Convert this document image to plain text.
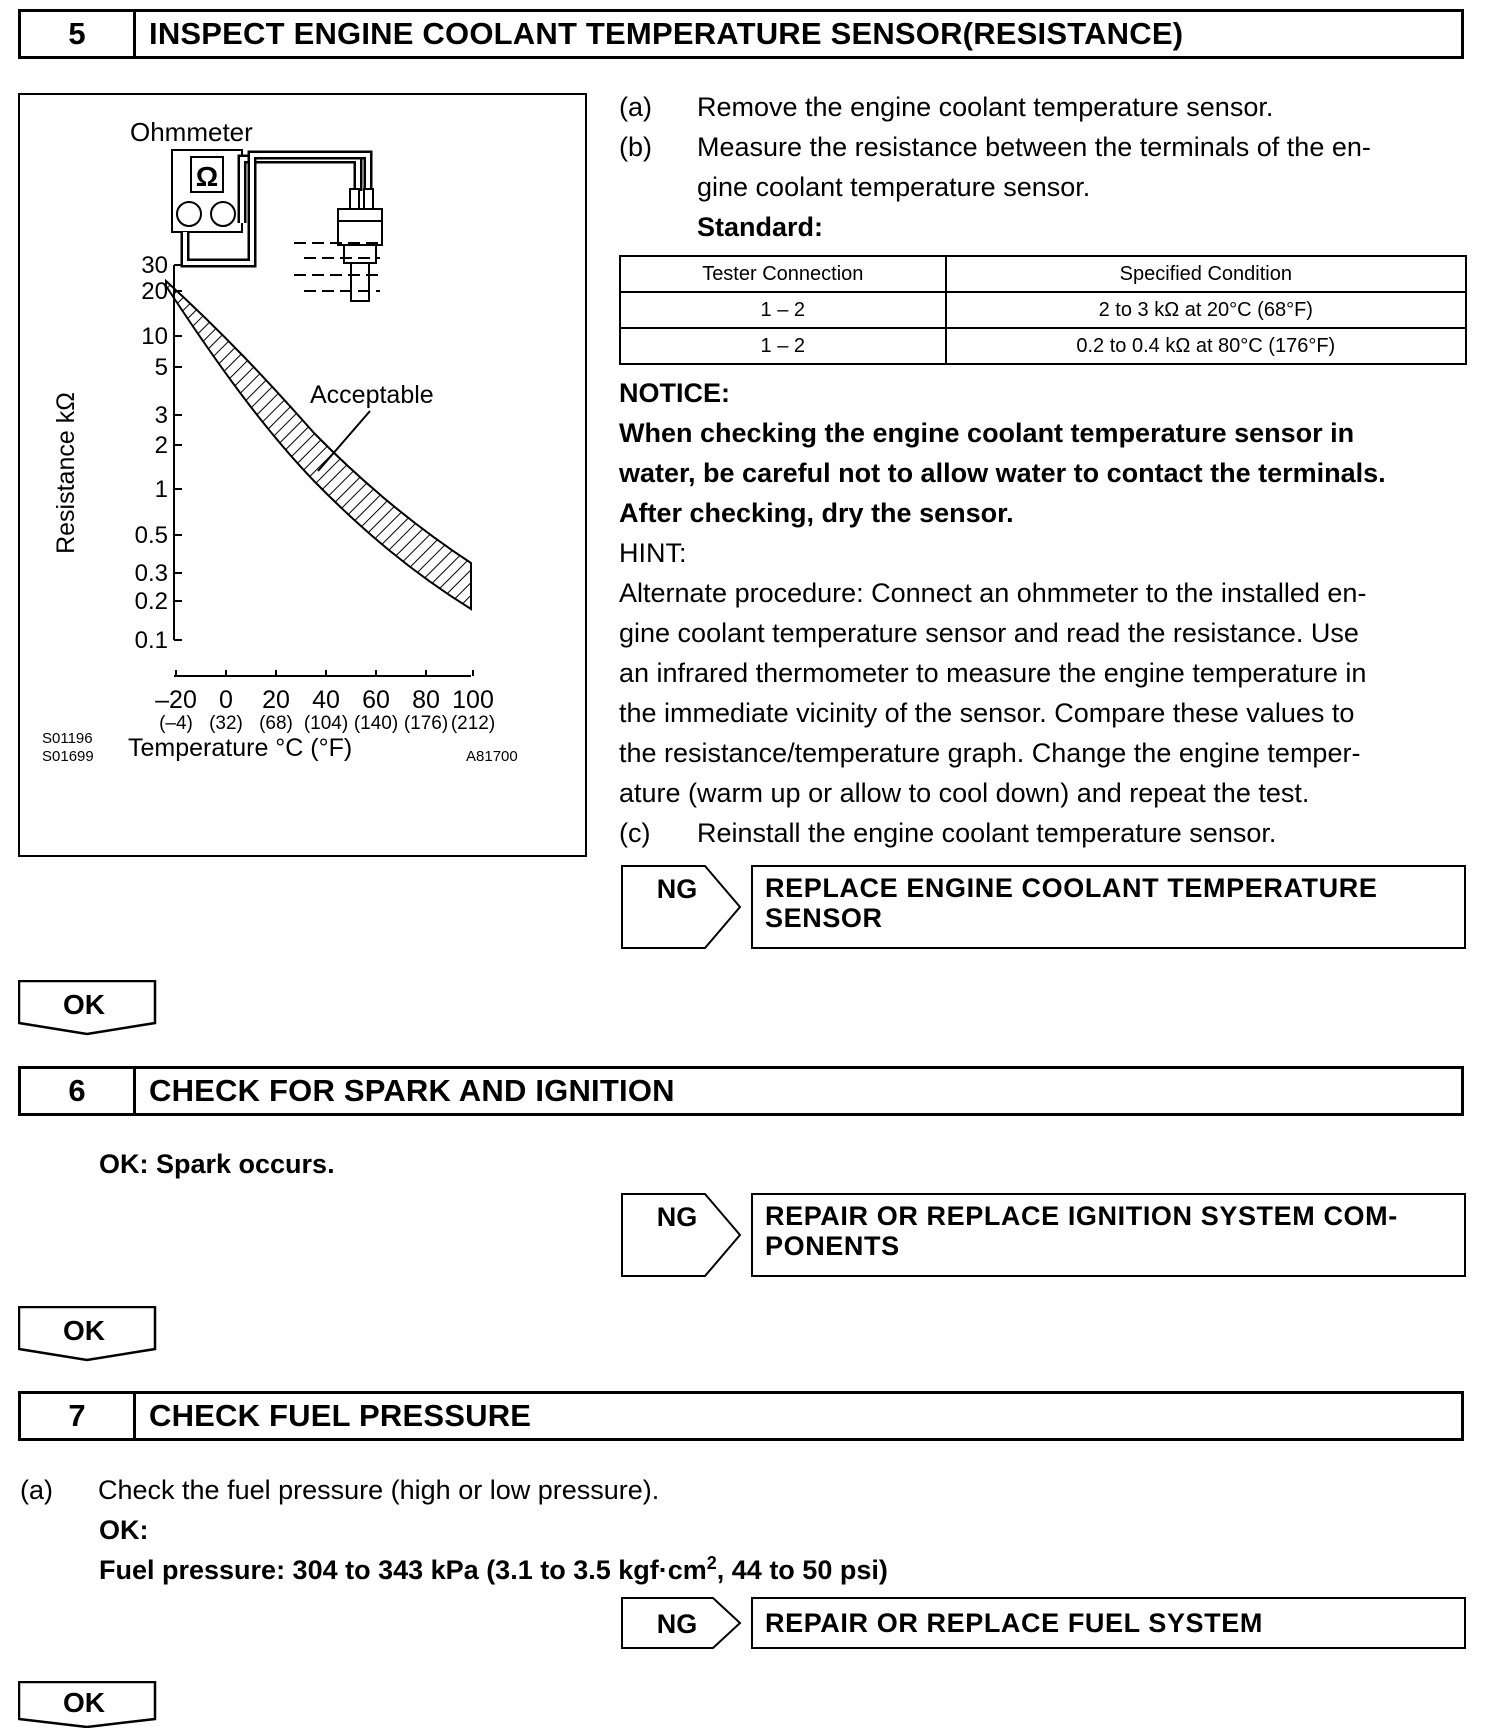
5	INSPECT ENGINE COOLANT TEMPERATURE SENSOR(RESISTANCE)
Ohmmeter
Ω
30
20
10
5
3
2
1
0.5
0.3
0.2
0.1
–20 0 20 40 60 80 100
(–4) (32) (68) (104) (140) (176) (212)
Resistance kΩ	Acceptable
Temperature °C (°F)
S01196
S01699	A81700
(a) Remove the engine coolant temperature sensor.
(b) Measure the resistance between the terminals of the en-
gine coolant temperature sensor.
Standard:
Tester Connection	Specified Condition
1 – 2	2 to 3 kΩ at 20°C (68°F)
1 – 2	0.2 to 0.4 kΩ at 80°C (176°F)
NOTICE:
When checking the engine coolant temperature sensor in
water, be careful not to allow water to contact the terminals.
After checking, dry the sensor.
HINT:
Alternate procedure: Connect an ohmmeter to the installed en-
gine coolant temperature sensor and read the resistance. Use
an infrared thermometer to measure the engine temperature in
the immediate vicinity of the sensor. Compare these values to
the resistance/temperature graph. Change the engine temper-
ature (warm up or allow to cool down) and repeat the test.
(c) Reinstall the engine coolant temperature sensor.
NG	REPLACE ENGINE COOLANT TEMPERATURE
SENSOR
OK
6	CHECK FOR SPARK AND IGNITION
OK: Spark occurs.
NG	REPAIR OR REPLACE IGNITION SYSTEM COM-
PONENTS
OK
7	CHECK FUEL PRESSURE
(a) Check the fuel pressure (high or low pressure).
OK:
Fuel pressure: 304 to 343 kPa (3.1 to 3.5 $kgf\cdot cm^2$, 44 to 50 psi)
NG	REPAIR OR REPLACE FUEL SYSTEM
OK
